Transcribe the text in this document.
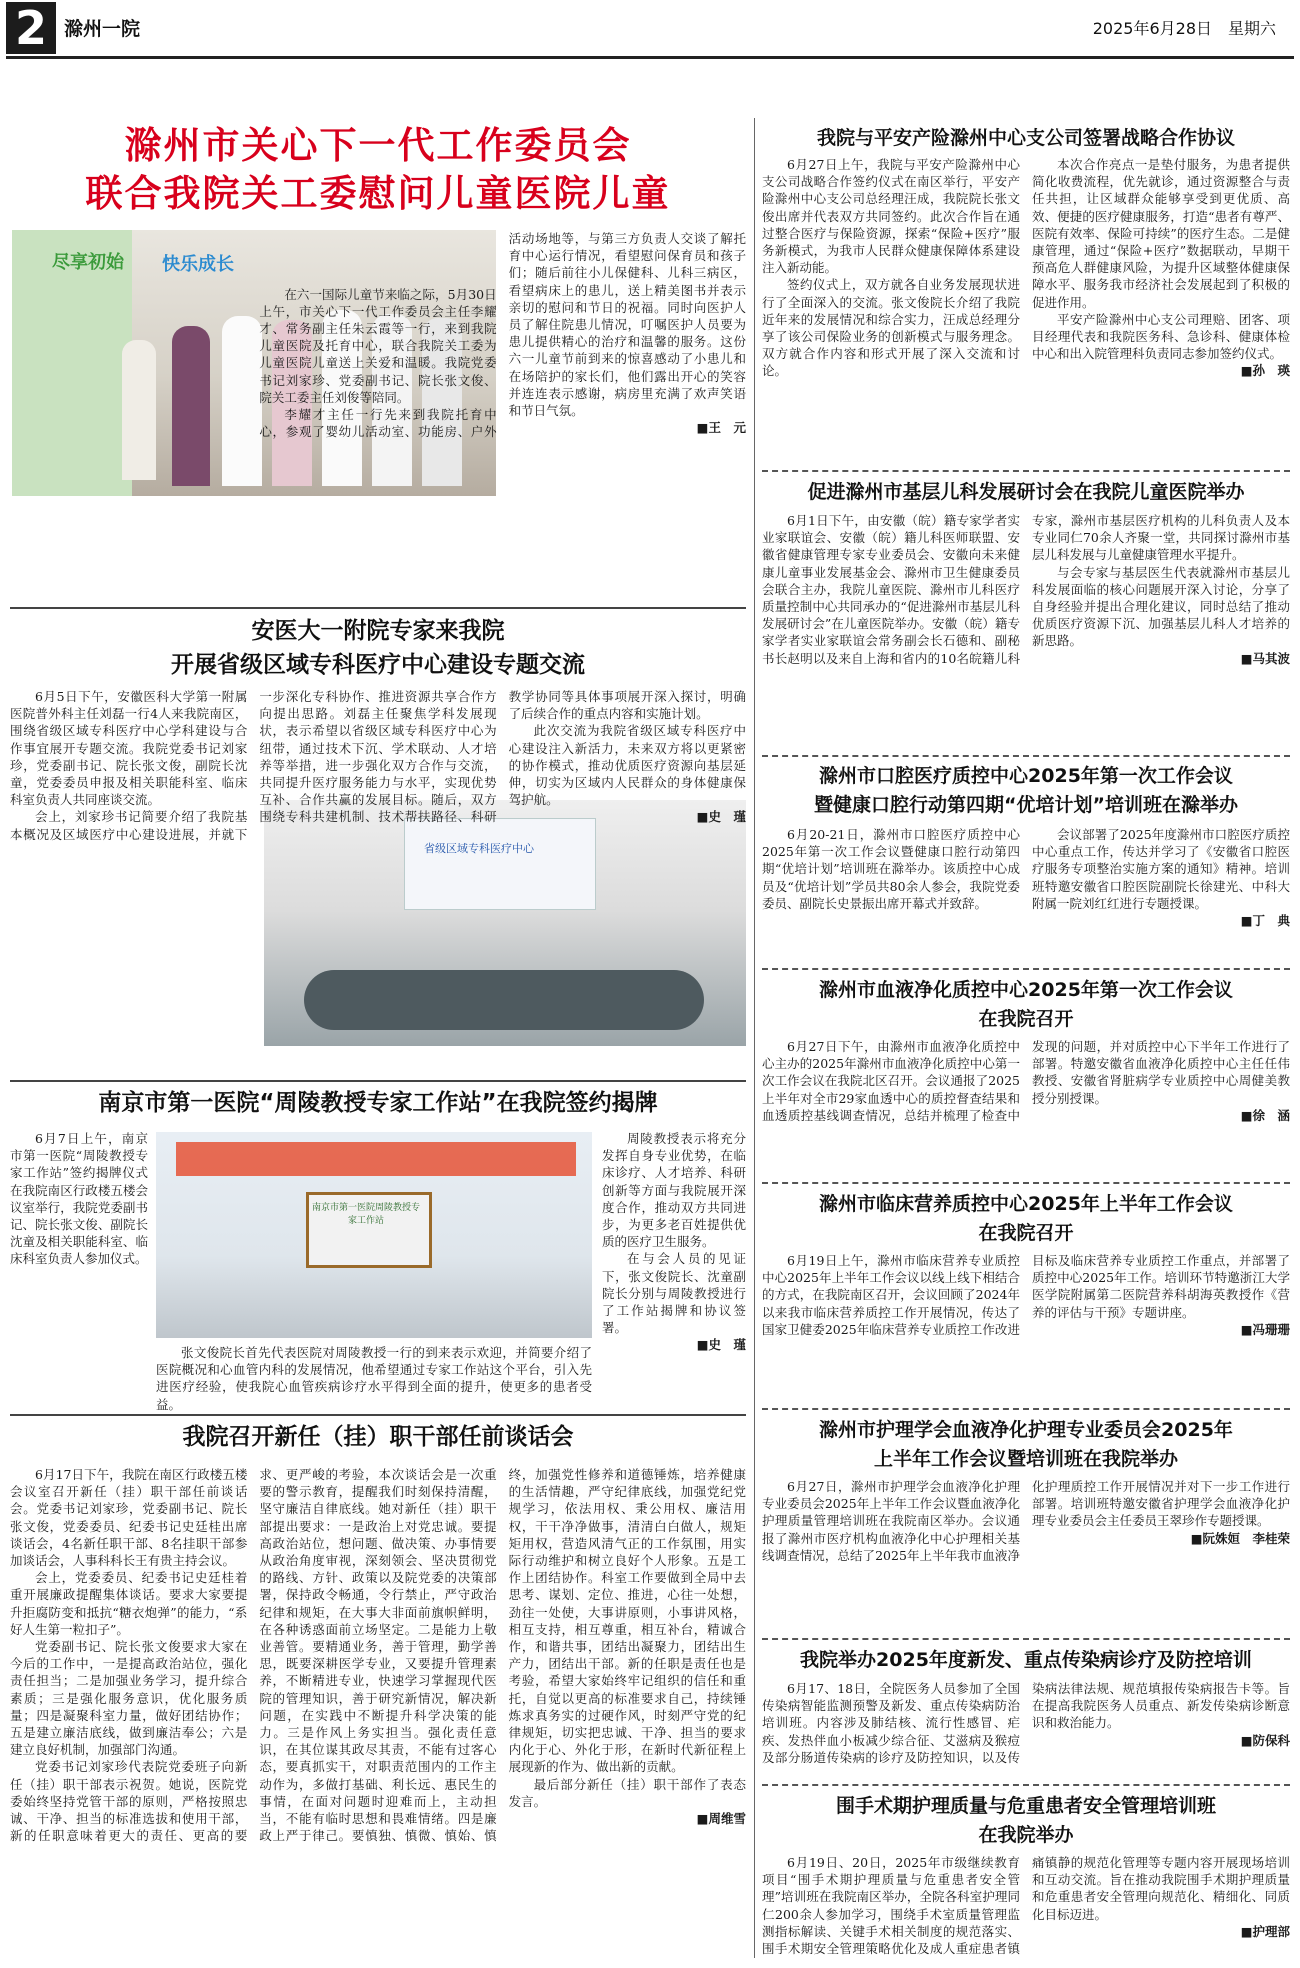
2 滁州一院	2025年6月28日　星期六
滁州市关心下一代工作委员会
联合我院关工委慰问儿童医院儿童
尽享初始 快乐成长

在六一国际儿童节来临之际，5月30日上午，市关心下一代工作委员会主任李耀才、常务副主任朱云霞等一行，来到我院儿童医院及托育中心，联合我院关工委为儿童医院儿童送上关爱和温暖。我院党委书记刘家珍、党委副书记、院长张文俊、院关工委主任刘俊等陪同。

李耀才主任一行先来到我院托育中心，参观了婴幼儿活动室、功能房、户外活动场地等，与第三方负责人交谈了解托育中心运行情况，看望慰问保育员和孩子们；随后前往小儿保健科、儿科三病区，看望病床上的患儿，送上精美图书并表示亲切的慰问和节日的祝福。同时向医护人员了解住院患儿情况，叮嘱医护人员要为患儿提供精心的治疗和温馨的服务。这份六一儿童节前到来的惊喜感动了小患儿和在场陪护的家长们，他们露出开心的笑容并连连表示感谢，病房里充满了欢声笑语和节日气氛。

■王　元
安医大一附院专家来我院
开展省级区域专科医疗中心建设专题交流
省级区域专科医疗中心

6月5日下午，安徽医科大学第一附属医院普外科主任刘磊一行4人来我院南区，围绕省级区域专科医疗中心学科建设与合作事宜展开专题交流。我院党委书记刘家珍，党委副书记、院长张文俊，副院长沈童，党委委员申报及相关职能科室、临床科室负责人共同座谈交流。

会上，刘家珍书记简要介绍了我院基本概况及区域医疗中心建设进展，并就下一步深化专科协作、推进资源共享合作方向提出思路。刘磊主任聚焦学科发展现状，表示希望以省级区域专科医疗中心为纽带，通过技术下沉、学术联动、人才培养等举措，进一步强化双方合作与交流，共同提升医疗服务能力与水平，实现优势互补、合作共赢的发展目标。随后，双方围绕专科共建机制、技术帮扶路径、科研教学协同等具体事项展开深入探讨，明确了后续合作的重点内容和实施计划。

此次交流为我院省级区域专科医疗中心建设注入新活力，未来双方将以更紧密的协作模式，推动优质医疗资源向基层延伸，切实为区域内人民群众的身体健康保驾护航。

■史　瑾
南京市第一医院“周陵教授专家工作站”在我院签约揭牌

6月7日上午，南京市第一医院“周陵教授专家工作站”签约揭牌仪式在我院南区行政楼五楼会议室举行，我院党委副书记、院长张文俊、副院长沈童及相关职能科室、临床科室负责人参加仪式。

南京市第一医院周陵教授专家工作站

张文俊院长首先代表医院对周陵教授一行的到来表示欢迎，并简要介绍了医院概况和心血管内科的发展情况，他希望通过专家工作站这个平台，引入先进医疗经验，使我院心血管疾病诊疗水平得到全面的提升，使更多的患者受益。

周陵教授表示将充分发挥自身专业优势，在临床诊疗、人才培养、科研创新等方面与我院展开深度合作，推动双方共同进步，为更多老百姓提供优质的医疗卫生服务。

在与会人员的见证下，张文俊院长、沈童副院长分别与周陵教授进行了工作站揭牌和协议签署。

■史　瑾
我院召开新任（挂）职干部任前谈话会

6月17日下午，我院在南区行政楼五楼会议室召开新任（挂）职干部任前谈话会。党委书记刘家珍，党委副书记、院长张文俊，党委委员、纪委书记史廷桂出席谈话会，4名新任职干部、8名挂职干部参加谈话会，人事科科长王有贵主持会议。

会上，党委委员、纪委书记史廷桂着重开展廉政提醒集体谈话。要求大家要提升拒腐防变和抵抗“糖衣炮弹”的能力，“系好人生第一粒扣子”。

党委副书记、院长张文俊要求大家在今后的工作中，一是提高政治站位，强化责任担当；二是加强业务学习，提升综合素质；三是强化服务意识，优化服务质量；四是凝聚科室力量，做好团结协作；五是建立廉洁底线，做到廉洁奉公；六是建立良好机制，加强部门沟通。

党委书记刘家珍代表院党委班子向新任（挂）职干部表示祝贺。她说，医院党委始终坚持党管干部的原则，严格按照忠诚、干净、担当的标准选拔和使用干部，新的任职意味着更大的责任、更高的要求、更严峻的考验，本次谈话会是一次重要的警示教育，提醒我们时刻保持清醒，坚守廉洁自律底线。她对新任（挂）职干部提出要求：一是政治上对党忠诚。要提高政治站位，想问题、做决策、办事情要从政治角度审视，深刻领会、坚决贯彻党的路线、方针、政策以及院党委的决策部署，保持政令畅通，令行禁止，严守政治纪律和规矩，在大事大非面前旗帜鲜明，在各种诱惑面前立场坚定。二是能力上敬业善管。要精通业务，善于管理，勤学善思，既要深耕医学专业，又要提升管理素养，不断精进专业，快速学习掌握现代医院的管理知识，善于研究新情况，解决新问题，在实践中不断提升科学决策的能力。三是作风上务实担当。强化责任意识，在其位谋其政尽其责，不能有过客心态，要真抓实干，对职责范围内的工作主动作为，多做打基础、利长远、惠民生的事情，在面对问题时迎难而上，主动担当，不能有临时思想和畏难情绪。四是廉政上严于律己。要慎独、慎微、慎始、慎终，加强党性修养和道德锤炼，培养健康的生活情趣，严守纪律底线，加强党纪党规学习，依法用权、秉公用权、廉洁用权，干干净净做事，清清白白做人，规矩矩用权，营造风清气正的工作氛围，用实际行动维护和树立良好个人形象。五是工作上团结协作。科室工作要做到全局中去思考、谋划、定位、推进，心往一处想，劲往一处使，大事讲原则，小事讲风格，相互支持，相互尊重，相互补台，精诚合作，和谐共事，团结出凝聚力，团结出生产力，团结出干部。新的任职是责任也是考验，希望大家始终牢记组织的信任和重托，自觉以更高的标准要求自己，持续锤炼求真务实的过硬作风，时刻严守党的纪律规矩，切实把忠诚、干净、担当的要求内化于心、外化于形，在新时代新征程上展现新的作为、做出新的贡献。

最后部分新任（挂）职干部作了表态发言。

■周维雪
我院与平安产险滁州中心支公司签署战略合作协议

6月27日上午，我院与平安产险滁州中心支公司战略合作签约仪式在南区举行，平安产险滁州中心支公司总经理汪成，我院院长张文俊出席并代表双方共同签约。此次合作旨在通过整合医疗与保险资源，探索“保险+医疗”服务新模式，为我市人民群众健康保障体系建设注入新动能。

签约仪式上，双方就各自业务发展现状进行了全面深入的交流。张文俊院长介绍了我院近年来的发展情况和综合实力，汪成总经理分享了该公司保险业务的创新模式与服务理念。双方就合作内容和形式开展了深入交流和讨论。

本次合作亮点一是垫付服务，为患者提供简化收费流程，优先就诊，通过资源整合与责任共担，让区域群众能够享受到更优质、高效、便捷的医疗健康服务，打造“患者有尊严、医院有效率、保险可持续”的医疗生态。二是健康管理，通过“保险+医疗”数据联动，早期干预高危人群健康风险，为提升区域整体健康保障水平、服务我市经济社会发展起到了积极的促进作用。

平安产险滁州中心支公司理赔、团客、项目经理代表和我院医务科、急诊科、健康体检中心和出入院管理科负责同志参加签约仪式。

■孙　瑛
促进滁州市基层儿科发展研讨会在我院儿童医院举办

6月1日下午，由安徽（皖）籍专家学者实业家联谊会、安徽（皖）籍儿科医师联盟、安徽省健康管理专家专业委员会、安徽向未来健康儿童事业发展基金会、滁州市卫生健康委员会联合主办，我院儿童医院、滁州市儿科医疗质量控制中心共同承办的“促进滁州市基层儿科发展研讨会”在儿童医院举办。安徽（皖）籍专家学者实业家联谊会常务副会长石德和、副秘书长赵明以及来自上海和省内的10名皖籍儿科专家，滁州市基层医疗机构的儿科负责人及本专业同仁70余人齐聚一堂，共同探讨滁州市基层儿科发展与儿童健康管理水平提升。

与会专家与基层医生代表就滁州市基层儿科发展面临的核心问题展开深入讨论，分享了自身经验并提出合理化建议，同时总结了推动优质医疗资源下沉、加强基层儿科人才培养的新思路。

■马其波
滁州市口腔医疗质控中心2025年第一次工作会议
暨健康口腔行动第四期“优培计划”培训班在滁举办

6月20-21日，滁州市口腔医疗质控中心2025年第一次工作会议暨健康口腔行动第四期“优培计划”培训班在滁举办。该质控中心成员及“优培计划”学员共80余人参会，我院党委委员、副院长史景振出席开幕式并致辞。

会议部署了2025年度滁州市口腔医疗质控中心重点工作，传达并学习了《安徽省口腔医疗服务专项整治实施方案的通知》精神。培训班特邀安徽省口腔医院副院长徐建光、中科大附属一院刘红红进行专题授课。

■丁　典
滁州市血液净化质控中心2025年第一次工作会议
在我院召开

6月27日下午，由滁州市血液净化质控中心主办的2025年滁州市血液净化质控中心第一次工作会议在我院北区召开。会议通报了2025上半年对全市29家血透中心的质控督查结果和血透质控基线调查情况，总结并梳理了检查中发现的问题，并对质控中心下半年工作进行了部署。特邀安徽省血液净化质控中心主任任伟教授、安徽省肾脏病学专业质控中心周健美教授分别授课。

■徐　涵
滁州市临床营养质控中心2025年上半年工作会议
在我院召开

6月19日上午，滁州市临床营养专业质控中心2025年上半年工作会议以线上线下相结合的方式，在我院南区召开，会议回顾了2024年以来我市临床营养质控工作开展情况，传达了国家卫健委2025年临床营养专业质控工作改进目标及临床营养专业质控工作重点，并部署了质控中心2025年工作。培训环节特邀浙江大学医学院附属第二医院营养科胡海英教授作《营养的评估与干预》专题讲座。

■冯珊珊
滁州市护理学会血液净化护理专业委员会2025年
上半年工作会议暨培训班在我院举办

6月27日，滁州市护理学会血液净化护理专业委员会2025年上半年工作会议暨血液净化护理质量管理培训班在我院南区举办。会议通报了滁州市医疗机构血液净化中心护理相关基线调查情况，总结了2025年上半年我市血液净化护理质控工作开展情况并对下一步工作进行部署。培训班特邀安徽省护理学会血液净化护理专业委员会主任委员王翠珍作专题授课。

■阮姝姮　李桂荣
我院举办2025年度新发、重点传染病诊疗及防控培训

6月17、18日，全院医务人员参加了全国传染病智能监测预警及新发、重点传染病防治培训班。内容涉及肺结核、流行性感冒、疟疾、发热伴血小板减少综合征、艾滋病及猴痘及部分肠道传染病的诊疗及防控知识，以及传染病法律法规、规范填报传染病报告卡等。旨在提高我院医务人员重点、新发传染病诊断意识和救治能力。

■防保科
围手术期护理质量与危重患者安全管理培训班
在我院举办

6月19日、20日，2025年市级继续教育项目“围手术期护理质量与危重患者安全管理”培训班在我院南区举办，全院各科室护理同仁200余人参加学习，围绕手术室质量管理监测指标解读、关键手术相关制度的规范落实、围手术期安全管理策略优化及成人重症患者镇痛镇静的规范化管理等专题内容开展现场培训和互动交流。旨在推动我院围手术期护理质量和危重患者安全管理向规范化、精细化、同质化目标迈进。

■护理部
